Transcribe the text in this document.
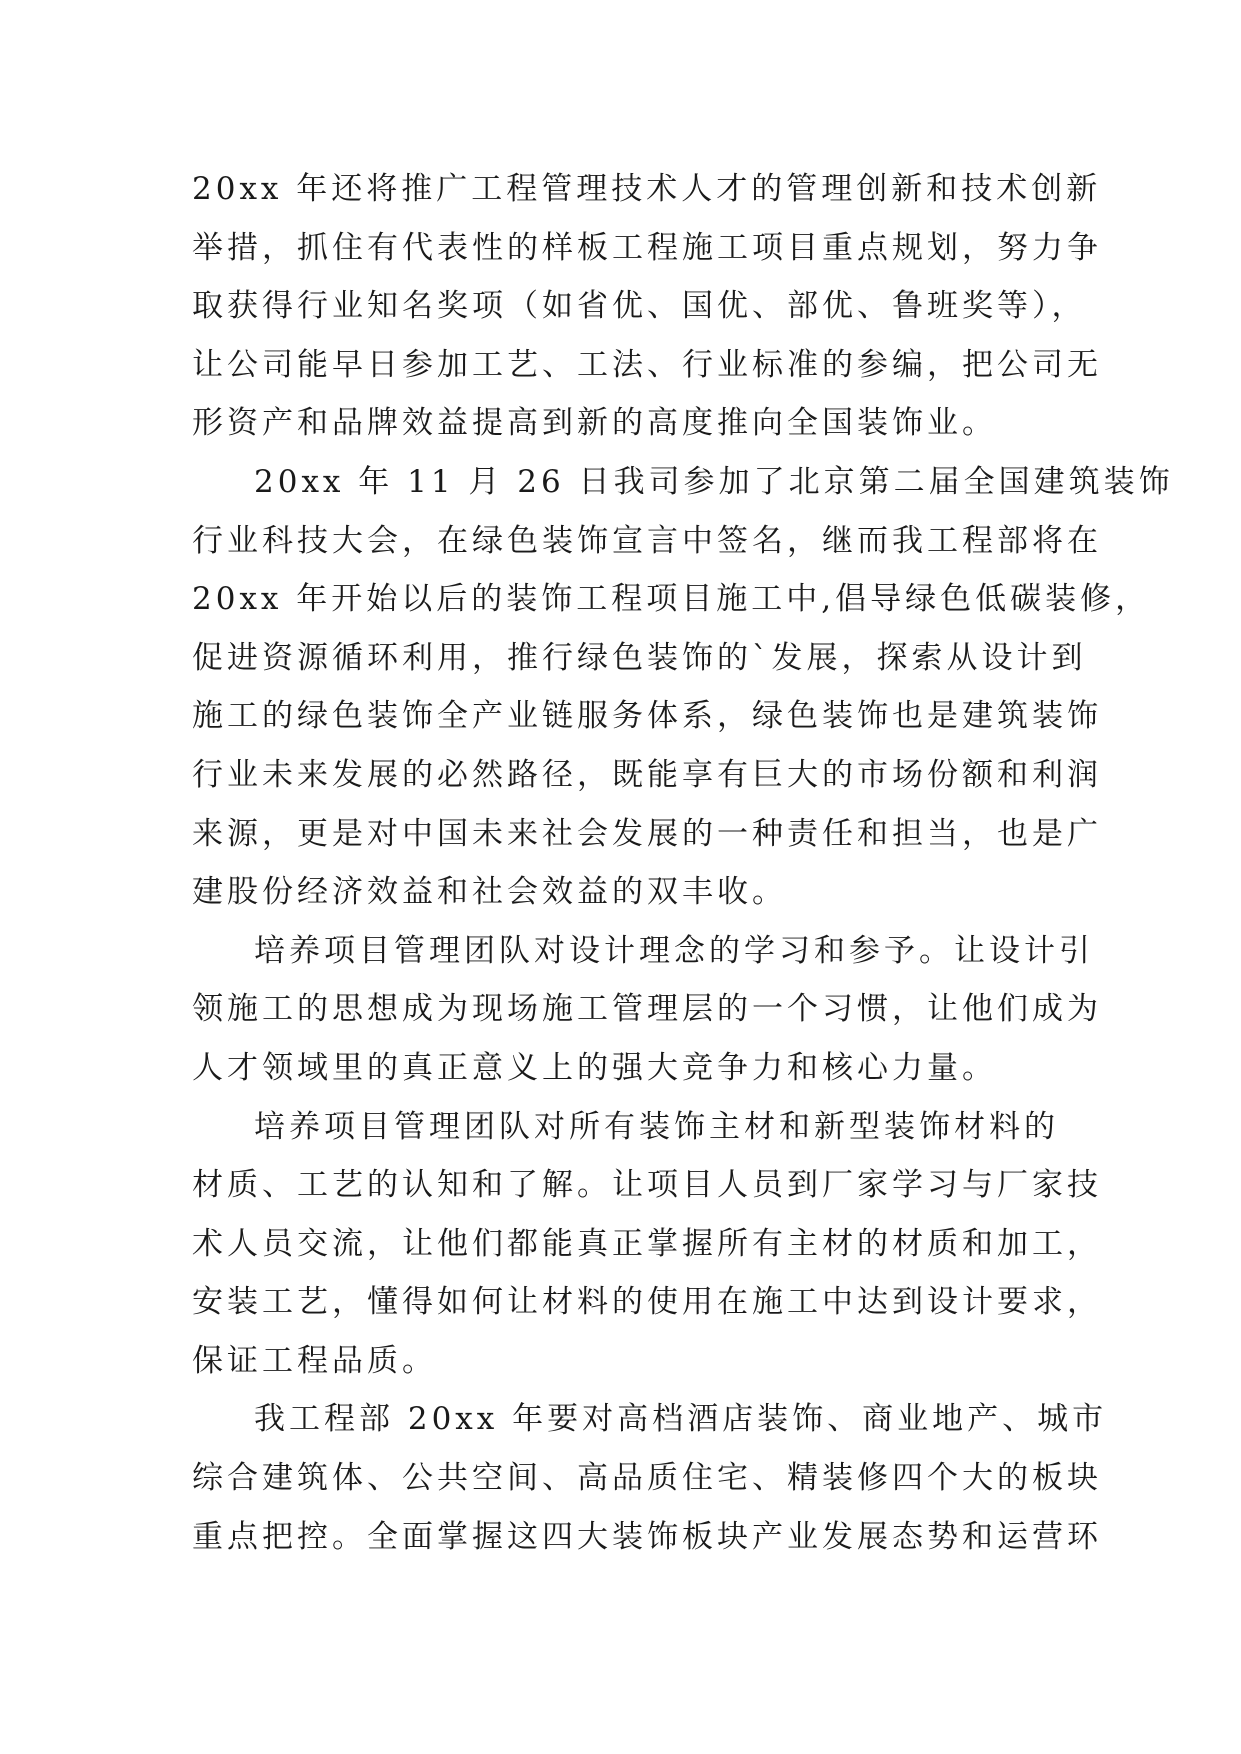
20xx 年还将推广工程管理技术人才的管理创新和技术创新
举措，抓住有代表性的样板工程施工项目重点规划，努力争
取获得行业知名奖项（如省优、国优、部优、鲁班奖等），
让公司能早日参加工艺、工法、行业标准的参编，把公司无
形资产和品牌效益提高到新的高度推向全国装饰业。
20xx 年 11 月 26 日我司参加了北京第二届全国建筑装饰
行业科技大会，在绿色装饰宣言中签名，继而我工程部将在
20xx 年开始以后的装饰工程项目施工中,倡导绿色低碳装修，
促进资源循环利用，推行绿色装饰的`发展，探索从设计到
施工的绿色装饰全产业链服务体系，绿色装饰也是建筑装饰
行业未来发展的必然路径，既能享有巨大的市场份额和利润
来源，更是对中国未来社会发展的一种责任和担当，也是广
建股份经济效益和社会效益的双丰收。
培养项目管理团队对设计理念的学习和参予。让设计引
领施工的思想成为现场施工管理层的一个习惯，让他们成为
人才领域里的真正意义上的强大竞争力和核心力量。
培养项目管理团队对所有装饰主材和新型装饰材料的
材质、工艺的认知和了解。让项目人员到厂家学习与厂家技
术人员交流，让他们都能真正掌握所有主材的材质和加工，
安装工艺，懂得如何让材料的使用在施工中达到设计要求，
保证工程品质。
我工程部 20xx 年要对高档酒店装饰、商业地产、城市
综合建筑体、公共空间、高品质住宅、精装修四个大的板块
重点把控。全面掌握这四大装饰板块产业发展态势和运营环
